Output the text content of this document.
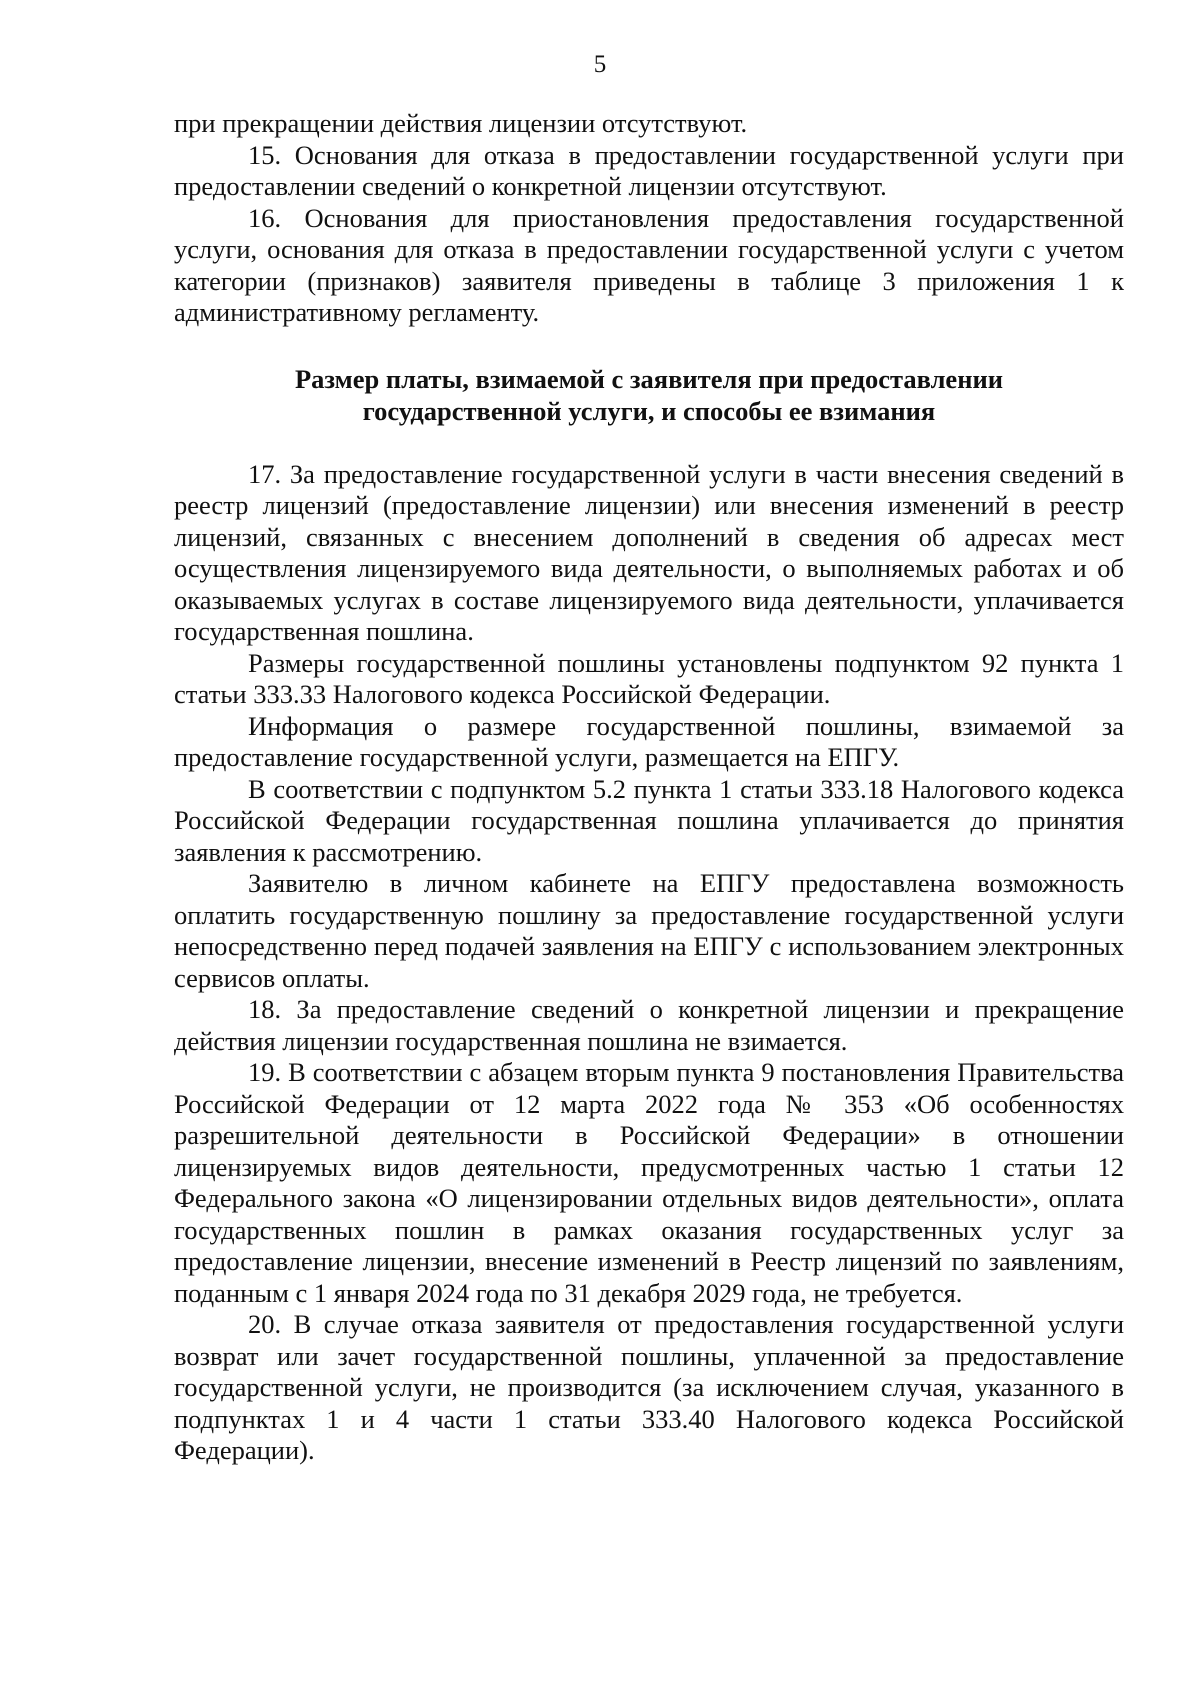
5

при прекращении действия лицензии отсутствуют.

15. Основания для отказа в предоставлении государственной услуги при предоставлении сведений о конкретной лицензии отсутствуют.

16. Основания для приостановления предоставления государственной услуги, основания для отказа в предоставлении государственной услуги с учетом категории (признаков) заявителя приведены в таблице 3 приложения 1 к административному регламенту.

Размер платы, взимаемой с заявителя при предоставлении
государственной услуги, и способы ее взимания

17. За предоставление государственной услуги в части внесения сведений в реестр лицензий (предоставление лицензии) или внесения изменений в реестр лицензий, связанных с внесением дополнений в сведения об адресах мест осуществления лицензируемого вида деятельности, о выполняемых работах и об оказываемых услугах в составе лицензируемого вида деятельности, уплачивается государственная пошлина.

Размеры государственной пошлины установлены подпунктом 92 пункта 1 статьи 333.33 Налогового кодекса Российской Федерации.

Информация о размере государственной пошлины, взимаемой за предоставление государственной услуги, размещается на ЕПГУ.

В соответствии с подпунктом 5.2 пункта 1 статьи 333.18 Налогового кодекса Российской Федерации государственная пошлина уплачивается до принятия заявления к рассмотрению.

Заявителю в личном кабинете на ЕПГУ предоставлена возможность оплатить государственную пошлину за предоставление государственной услуги непосредственно перед подачей заявления на ЕПГУ с использованием электронных сервисов оплаты.

18. За предоставление сведений о конкретной лицензии и прекращение действия лицензии государственная пошлина не взимается.

19. В соответствии с абзацем вторым пункта 9 постановления Правительства Российской Федерации от 12 марта 2022 года № 353 «Об особенностях разрешительной деятельности в Российской Федерации» в отношении лицензируемых видов деятельности, предусмотренных частью 1 статьи 12 Федерального закона «О лицензировании отдельных видов деятельности», оплата государственных пошлин в рамках оказания государственных услуг за предоставление лицензии, внесение изменений в Реестр лицензий по заявлениям, поданным с 1 января 2024 года по 31 декабря 2029 года, не требуется.

20. В случае отказа заявителя от предоставления государственной услуги возврат или зачет государственной пошлины, уплаченной за предоставление государственной услуги, не производится (за исключением случая, указанного в подпунктах 1 и 4 части 1 статьи 333.40 Налогового кодекса Российской Федерации).
